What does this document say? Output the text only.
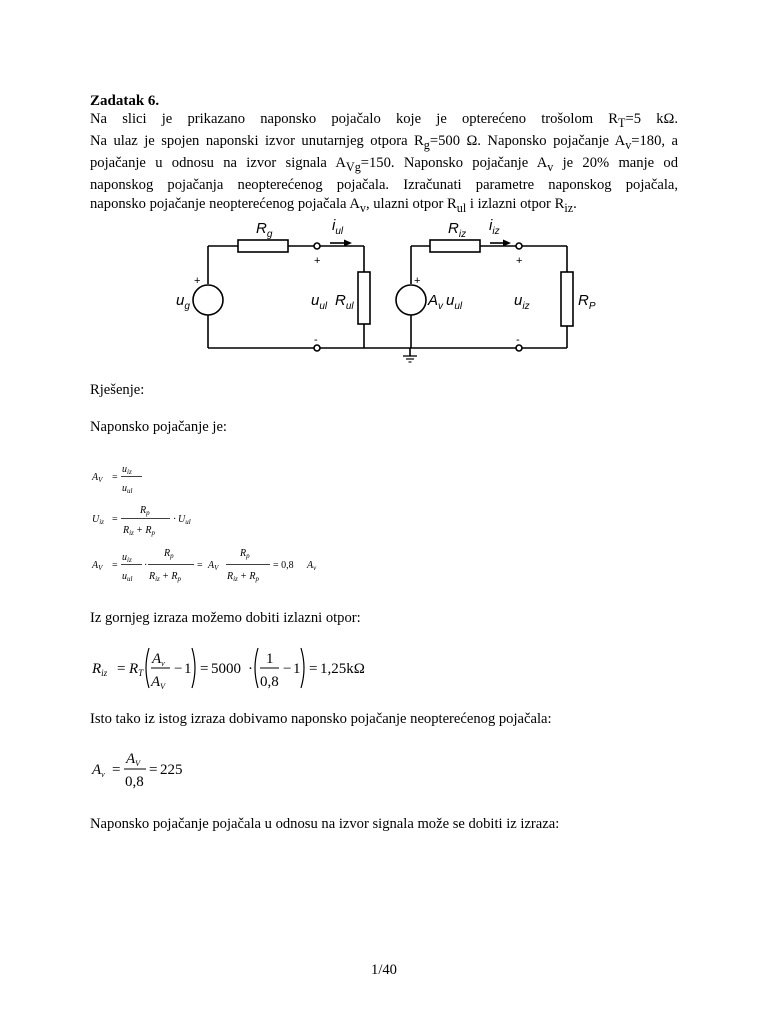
Zadatak 6.
Na slici je prikazano naponsko pojačalo koje je opterećeno trošolom $R_T=5$ kΩ.
Na ulaz je spojen naponski izvor unutarnjeg otpora $R_g=500$ Ω. Naponsko pojačanje $A_v=180$, a
pojačanje u odnosu na izvor signala $A_{Vg}=150$. Naponsko pojačanje $A_v$ je 20% manje od
naponskog pojačanja neopterećenog pojačala. Izračunati parametre naponskog pojačala,
naponsko pojačanje neopterećenog pojačala $A_v$, ulazni otpor $R_{ul}$ i izlazni otpor $R_{iz}$.
$R_g$
$i_{ul}$	$R_{iz}$
$i_{iz}$
$u_g$	$u_{ul}$ $R_{ul}$	$A_v$ $u_{ul}$	$u_{iz}$	$R_P$
+
+
-
+
+
-
Rješenje:
Naponsko pojačanje je:
$A_V$ =
$u_{iz}$
$u_{ul}$
$U_{iz}$ =
$R_p$
$R_{iz} + R_p$
· $U_{ul}$
$A_V$ =
$u_{iz}$
$u_{ul}$
·
$R_p$
$R_{iz} + R_p$
= $A_V$
$R_p$
$R_{iz} + R_p$
= 0,8 $A_v$
Iz gornjeg izraza možemo dobiti izlazni otpor:
$R_{iz} = R_T$
$A_v$
$A_V$
− 1 = 5000 ·
1
0,8
− 1 = 1,25kΩ
Isto tako iz istog izraza dobivamo naponsko pojačanje neopterećenog pojačala:
$A_v$ =
$A_V$
0,8
= 225
Naponsko pojačanje pojačala u odnosu na izvor signala može se dobiti iz izraza:
1/40
